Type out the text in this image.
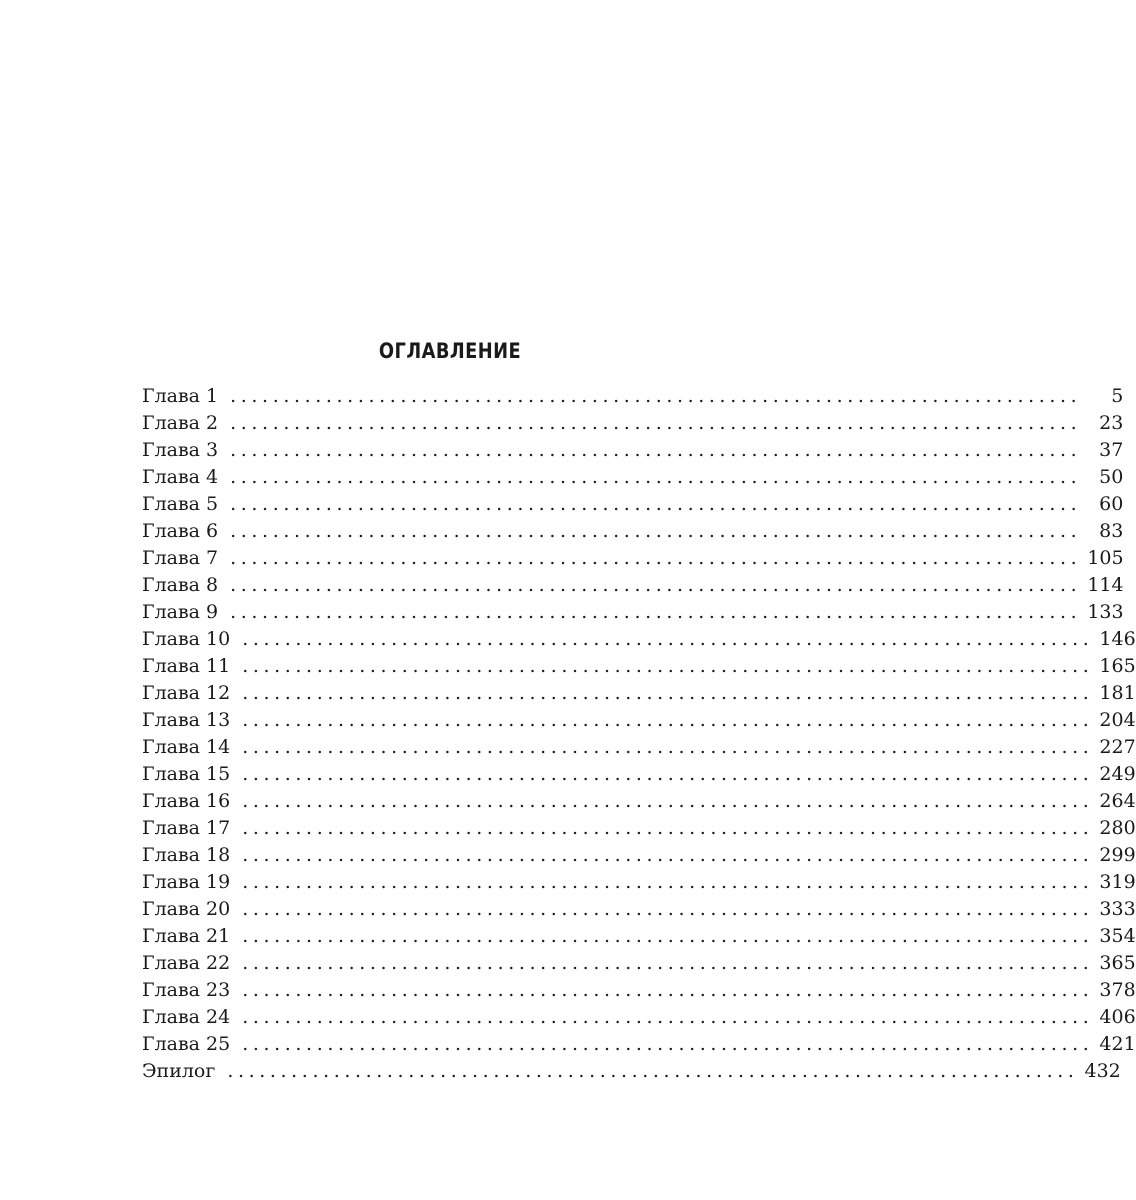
ОГЛАВЛЕНИЕ
Глава 1 ................................................................................	5
Глава 2 ................................................................................ 23
Глава 3 ................................................................................ 37
Глава 4 ................................................................................ 50
Глава 5 ................................................................................ 60
Глава 6 ................................................................................ 83
Глава 7 ................................................................................ 105
Глава 8 ................................................................................ 114
Глава 9 ................................................................................ 133
Глава 10 ................................................................................ 146
Глава 11 ................................................................................ 165
Глава 12 ................................................................................ 181
Глава 13 ................................................................................ 204
Глава 14 ................................................................................ 227
Глава 15 ................................................................................ 249
Глава 16 ................................................................................ 264
Глава 17 ................................................................................ 280
Глава 18 ................................................................................ 299
Глава 19 ................................................................................ 319
Глава 20 ................................................................................ 333
Глава 21 ................................................................................ 354
Глава 22 ................................................................................ 365
Глава 23 ................................................................................ 378
Глава 24 ................................................................................ 406
Глава 25 ................................................................................ 421
Эпилог ................................................................................ 432
